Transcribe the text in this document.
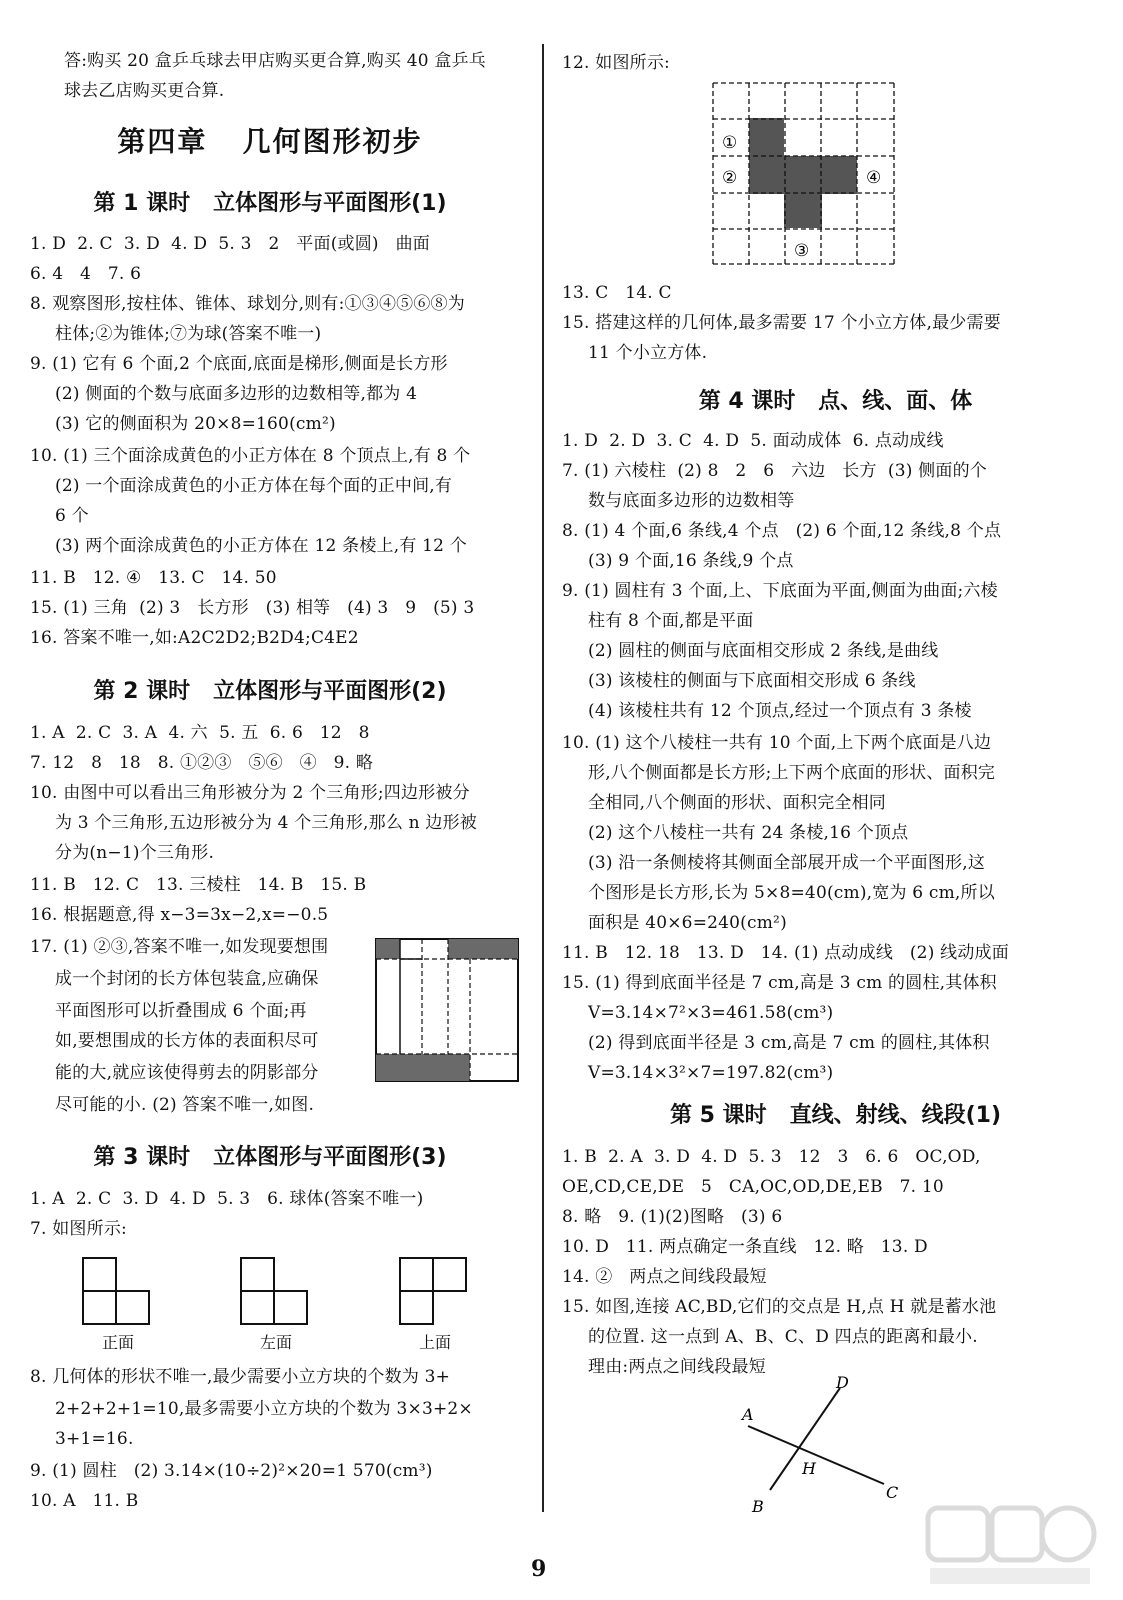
答:购买 20 盒乒乓球去甲店购买更合算,购买 40 盒乒乓
球去乙店购买更合算.
第四章   几何图形初步
第 1 课时   立体图形与平面图形(1)
1. D  2. C  3. D  4. D  5. 3   2   平面(或圆)   曲面
6. 4   4   7. 6
8. 观察图形,按柱体、锥体、球划分,则有:①③④⑤⑥⑧为
柱体;②为锥体;⑦为球(答案不唯一)
9. (1) 它有 6 个面,2 个底面,底面是梯形,侧面是长方形
(2) 侧面的个数与底面多边形的边数相等,都为 4
(3) 它的侧面积为 20×8=160(cm²)
10. (1) 三个面涂成黄色的小正方体在 8 个顶点上,有 8 个
(2) 一个面涂成黄色的小正方体在每个面的正中间,有
6 个
(3) 两个面涂成黄色的小正方体在 12 条棱上,有 12 个
11. B   12. ④   13. C   14. 50
15. (1) 三角  (2) 3   长方形   (3) 相等   (4) 3   9   (5) 3
16. 答案不唯一,如:A2C2D2;B2D4;C4E2
第 2 课时   立体图形与平面图形(2)
1. A  2. C  3. A  4. 六  5. 五  6. 6   12   8
7. 12   8   18   8. ①②③   ⑤⑥   ④   9. 略
10. 由图中可以看出三角形被分为 2 个三角形;四边形被分
为 3 个三角形,五边形被分为 4 个三角形,那么 n 边形被
分为(n−1)个三角形.
11. B   12. C   13. 三棱柱   14. B   15. B
16. 根据题意,得 x−3=3x−2,x=−0.5
17. (1) ②③,答案不唯一,如发现要想围
成一个封闭的长方体包装盒,应确保
平面图形可以折叠围成 6 个面;再
如,要想围成的长方体的表面积尽可
能的大,就应该使得剪去的阴影部分
尽可能的小. (2) 答案不唯一,如图.
第 3 课时   立体图形与平面图形(3)
1. A  2. C  3. D  4. D  5. 3   6. 球体(答案不唯一)
7. 如图所示:
正面	左面	上面
8. 几何体的形状不唯一,最少需要小立方块的个数为 3+
2+2+2+1=10,最多需要小立方块的个数为 3×3+2×
3+1=16.
9. (1) 圆柱   (2) 3.14×(10÷2)²×20=1 570(cm³)
10. A   11. B
12. 如图所示:
①
②
③
④
13. C   14. C
15. 搭建这样的几何体,最多需要 17 个小立方体,最少需要
11 个小立方体.
第 4 课时   点、线、面、体
1. D  2. D  3. C  4. D  5. 面动成体  6. 点动成线
7. (1) 六棱柱  (2) 8   2   6   六边   长方  (3) 侧面的个
数与底面多边形的边数相等
8. (1) 4 个面,6 条线,4 个点   (2) 6 个面,12 条线,8 个点
(3) 9 个面,16 条线,9 个点
9. (1) 圆柱有 3 个面,上、下底面为平面,侧面为曲面;六棱
柱有 8 个面,都是平面
(2) 圆柱的侧面与底面相交形成 2 条线,是曲线
(3) 该棱柱的侧面与下底面相交形成 6 条线
(4) 该棱柱共有 12 个顶点,经过一个顶点有 3 条棱
10. (1) 这个八棱柱一共有 10 个面,上下两个底面是八边
形,八个侧面都是长方形;上下两个底面的形状、面积完
全相同,八个侧面的形状、面积完全相同
(2) 这个八棱柱一共有 24 条棱,16 个顶点
(3) 沿一条侧棱将其侧面全部展开成一个平面图形,这
个图形是长方形,长为 5×8=40(cm),宽为 6 cm,所以
面积是 40×6=240(cm²)
11. B   12. 18   13. D   14. (1) 点动成线   (2) 线动成面
15. (1) 得到底面半径是 7 cm,高是 3 cm 的圆柱,其体积
V=3.14×7²×3=461.58(cm³)
(2) 得到底面半径是 3 cm,高是 7 cm 的圆柱,其体积
V=3.14×3²×7=197.82(cm³)
第 5 课时   直线、射线、线段(1)
1. B  2. A  3. D  4. D  5. 3   12   3   6. 6   OC,OD,
OE,CD,CE,DE   5   CA,OC,OD,DE,EB   7. 10
8. 略   9. (1)(2)图略   (3) 6
10. D   11. 两点确定一条直线   12. 略   13. D
14. ②   两点之间线段最短
15. 如图,连接 AC,BD,它们的交点是 H,点 H 就是蓄水池
的位置. 这一点到 A、B、C、D 四点的距离和最小.
理由:两点之间线段最短
A
B
C
D
H
9
